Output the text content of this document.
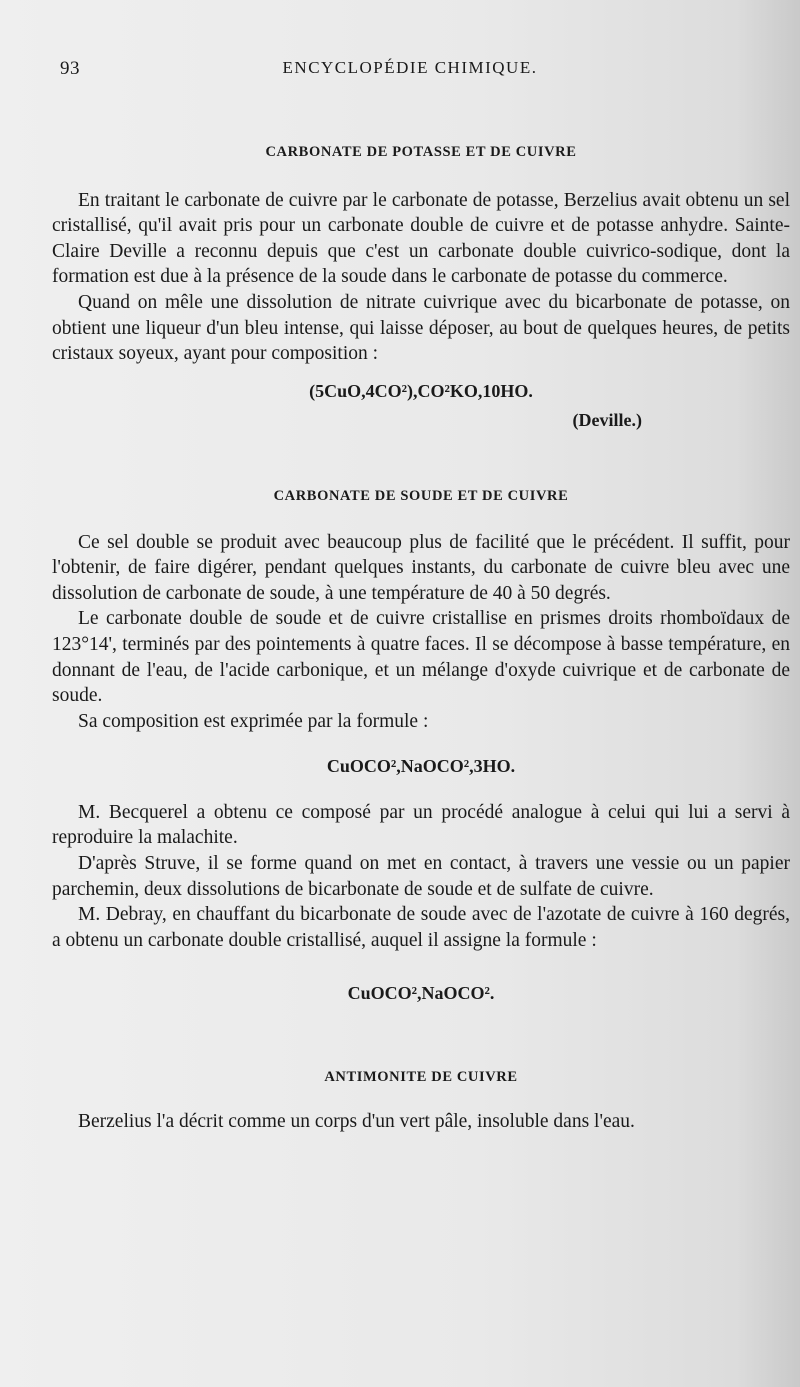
93	ENCYCLOPÉDIE CHIMIQUE.
CARBONATE DE POTASSE ET DE CUIVRE

En traitant le carbonate de cuivre par le carbonate de potasse, Berzelius avait obtenu un sel cristallisé, qu'il avait pris pour un carbonate double de cuivre et de potasse anhydre. Sainte-Claire Deville a reconnu depuis que c'est un carbonate double cuivrico-sodique, dont la formation est due à la présence de la soude dans le carbonate de potasse du commerce.

Quand on mêle une dissolution de nitrate cuivrique avec du bicarbonate de potasse, on obtient une liqueur d'un bleu intense, qui laisse déposer, au bout de quelques heures, de petits cristaux soyeux, ayant pour composition :

(5CuO,4CO²),CO²KO,10HO.
(Deville.)
CARBONATE DE SOUDE ET DE CUIVRE

Ce sel double se produit avec beaucoup plus de facilité que le précédent. Il suffit, pour l'obtenir, de faire digérer, pendant quelques instants, du carbonate de cuivre bleu avec une dissolution de carbonate de soude, à une température de 40 à 50 degrés.

Le carbonate double de soude et de cuivre cristallise en prismes droits rhomboïdaux de 123°14', terminés par des pointements à quatre faces. Il se décompose à basse température, en donnant de l'eau, de l'acide carbonique, et un mélange d'oxyde cuivrique et de carbonate de soude.

Sa composition est exprimée par la formule :

CuOCO²,NaOCO²,3HO.

M. Becquerel a obtenu ce composé par un procédé analogue à celui qui lui a servi à reproduire la malachite.

D'après Struve, il se forme quand on met en contact, à travers une vessie ou un papier parchemin, deux dissolutions de bicarbonate de soude et de sulfate de cuivre.

M. Debray, en chauffant du bicarbonate de soude avec de l'azotate de cuivre à 160 degrés, a obtenu un carbonate double cristallisé, auquel il assigne la formule :

CuOCO²,NaOCO².
ANTIMONITE DE CUIVRE

Berzelius l'a décrit comme un corps d'un vert pâle, insoluble dans l'eau.
